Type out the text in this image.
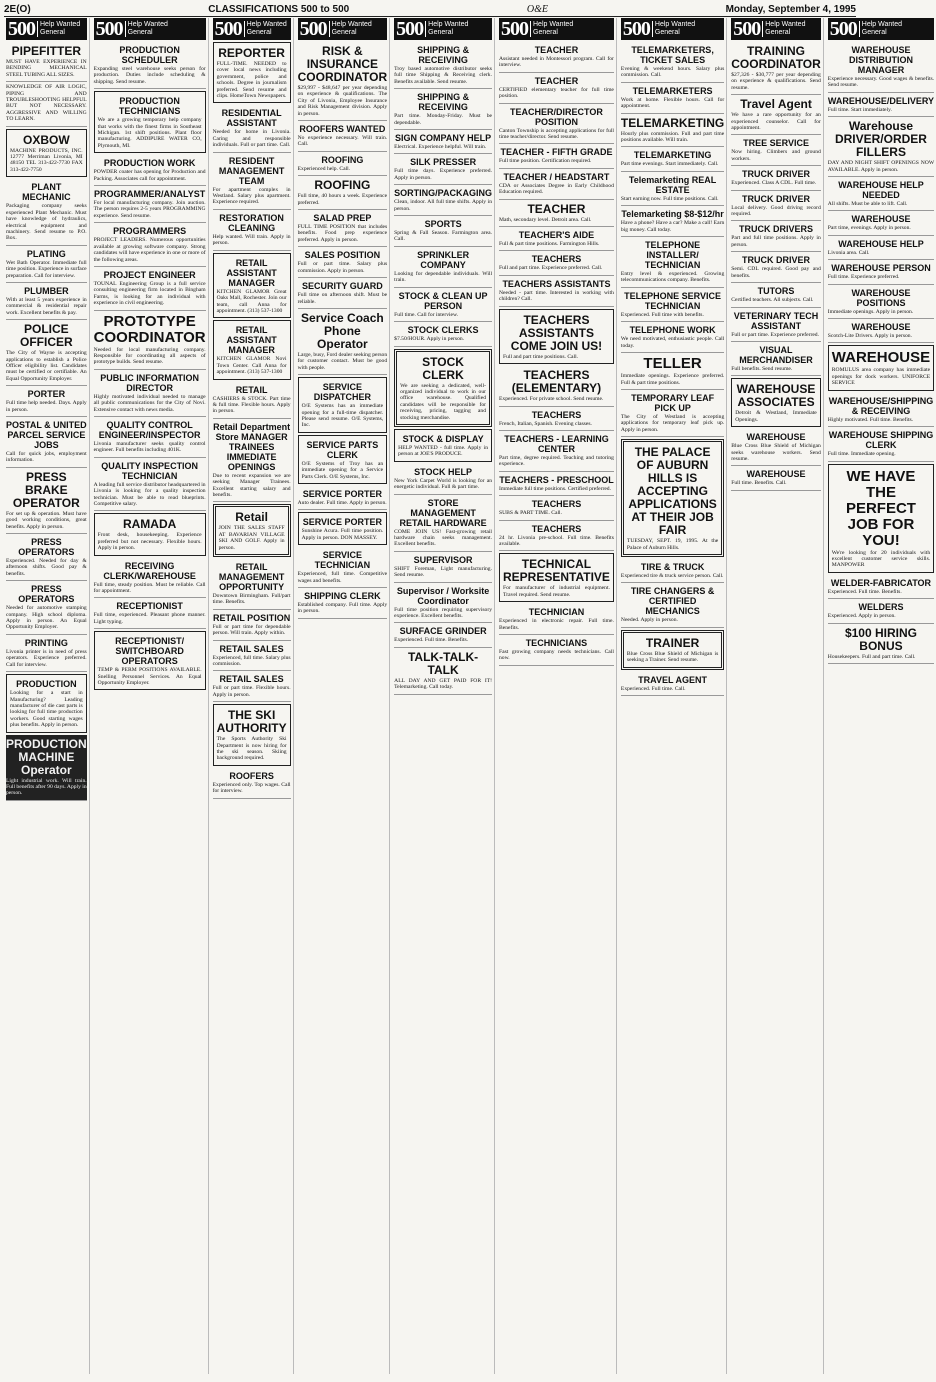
2E(O)	CLASSIFICATIONS 500 to 500	O&E	Monday, September 4, 1995
500 Help Wanted
General
PIPEFITTER
MUST HAVE EXPERIENCE IN BENDING MECHANICAL STEEL TUBING ALL SIZES.
KNOWLEDGE OF AIR LOGIC, PIPING AND TROUBLESHOOTING HELPFUL BUT NOT NECESSARY. AGGRESSIVE AND WILLING TO LEARN.
OXBOW
MACHINE PRODUCTS, INC. 12777 Merriman Livonia, MI 48150 TEL 313-422-7730 FAX 313-422-7750
PLANT MECHANIC
Packaging company seeks experienced Plant Mechanic. Must have knowledge of hydraulics, electrical equipment and machinery. Send resume to P.O. Box.
PLATING
Wet Bath Operator. Immediate full time position. Experience in surface preparation. Call for interview.
PLUMBER
With at least 5 years experience in commercial & residential repair work. Excellent benefits & pay.
POLICE OFFICER
The City of Wayne is accepting applications to establish a Police Officer eligibility list. Candidates must be certified or certifiable. An Equal Opportunity Employer.
PORTER
Full time help needed. Days. Apply in person.
POSTAL & UNITED PARCEL SERVICE JOBS
Call for quick jobs, employment information.
PRESS BRAKE OPERATOR
For set up & operation. Must have good working conditions, great benefits. Apply in person.
PRESS OPERATORS
Experienced. Needed for day & afternoon shifts. Good pay & benefits.
PRESS OPERATORS
Needed for automotive stamping company. High school diploma. Apply in person. An Equal Opportunity Employer.
PRINTING
Livonia printer is in need of press operators. Experience preferred. Call for interview.
PRODUCTION
Looking for a start in Manufacturing? Leading manufacturer of die cast parts is looking for full time production workers. Good starting wages plus benefits. Apply in person.
PRODUCTION MACHINE Operator
Light industrial work. Will train. Full benefits after 90 days. Apply in person.
500 Help Wanted
General
PRODUCTION SCHEDULER
Expanding steel warehouse seeks person for production. Duties include scheduling & shipping. Send resume.
PRODUCTION TECHNICIANS
We are a growing temporary help company that works with the finest firms in Southeast Michigan. 1st shift positions. Plant floor manufacturing. ADDIPURE WATER CO, Plymouth, MI.
PRODUCTION WORK
POWDER coater has opening for Production and Packing. Associates call for appointment.
PROGRAMMER/ANALYST
For local manufacturing company. Join auction. The person requires 2-5 years PROGRAMMING experience. Send resume.
PROGRAMMERS
PROJECT LEADERS. Numerous opportunities available at growing software company. Strong candidates will have experience in one or more of the following areas.
PROJECT ENGINEER
TOUNAL Engineering Group is a full service consulting engineering firm located in Bingham Farms, is looking for an individual with experience in civil engineering.
PROTOTYPE COORDINATOR
Needed for local manufacturing company. Responsible for coordinating all aspects of prototype builds. Send resume.
PUBLIC INFORMATION DIRECTOR
Highly motivated individual needed to manage all public communications for the City of Novi. Extensive contact with news media.
QUALITY CONTROL ENGINEER/INSPECTOR
Livonia manufacturer seeks quality control engineer. Full benefits including 401K.
QUALITY INSPECTION TECHNICIAN
A leading full service distributor headquartered in Livonia is looking for a quality inspection technician. Must be able to read blueprints. Competitive salary.
RAMADA
Front desk, housekeeping. Experience preferred but not necessary. Flexible hours. Apply in person.
RECEIVING CLERK/WAREHOUSE
Full time, steady position. Must be reliable. Call for appointment.
RECEPTIONIST
Full time, experienced. Pleasant phone manner. Light typing.
RECEPTIONIST/ SWITCHBOARD OPERATORS
TEMP & PERM POSITIONS AVAILABLE. Snelling Personnel Services. An Equal Opportunity Employer.
500 Help Wanted
General
REPORTER
FULL-TIME. NEEDED to cover local news including government, police and schools. Degree in journalism preferred. Send resume and clips. HomeTown Newspapers.
RESIDENTIAL ASSISTANT
Needed for home in Livonia. Caring and responsible individuals. Full or part time. Call.
RESIDENT MANAGEMENT TEAM
For apartment complex in Westland. Salary plus apartment. Experience required.
RESTORATION CLEANING
Help wanted. Will train. Apply in person.
RETAIL ASSISTANT MANAGER
KITCHEN GLAMOR Great Oaks Mall, Rochester. Join our team, call Anna for appointment. (313) 537-1300
RETAIL ASSISTANT MANAGER
KITCHEN GLAMOR Novi Town Center. Call Anna for appointment. (313) 537-1300
RETAIL
CASHIERS & STOCK. Part time & full time. Flexible hours. Apply in person.
Retail Department Store MANAGER TRAINEES IMMEDIATE OPENINGS
Due to recent expansion we are seeking Manager Trainees. Excellent starting salary and benefits.
Retail
JOIN THE SALES STAFF AT BAVARIAN VILLAGE SKI AND GOLF. Apply in person.
RETAIL MANAGEMENT OPPORTUNITY
Downtown Birmingham. Full/part time. Benefits.
RETAIL POSITION
Full or part time for dependable person. Will train. Apply within.
RETAIL SALES
Experienced, full time. Salary plus commission.
RETAIL SALES
Full or part time. Flexible hours. Apply in person.
THE SKI AUTHORITY
The Sports Authority Ski Department is now hiring for the ski season. Skiing background required.
ROOFERS
Experienced only. Top wages. Call for interview.
500 Help Wanted
General
RISK & INSURANCE COORDINATOR
$29,997 - $48,647 per year depending on experience & qualifications. The City of Livonia, Employee Insurance and Risk Management division. Apply in person.
ROOFERS WANTED
No experience necessary. Will train. Call.
ROOFING
Experienced help. Call.
ROOFING
Full time, 40 hours a week. Experience preferred.
SALAD PREP
FULL TIME POSITION that includes benefits. Food prep experience preferred. Apply in person.
SALES POSITION
Full or part time. Salary plus commission. Apply in person.
SECURITY GUARD
Full time on afternoon shift. Must be reliable.
Service Coach Phone Operator
Large, busy, Ford dealer seeking person for customer contact. Must be good with people.
SERVICE DISPATCHER
O/E Systems has an immediate opening for a full-time dispatcher. Please send resume. O/E Systems, Inc.
SERVICE PARTS CLERK
O/E Systems of Troy has an immediate opening for a Service Parts Clerk. O/E Systems, Inc.
SERVICE PORTER
Auto dealer. Full time. Apply in person.
SERVICE PORTER
Sunshine Acura. Full time position. Apply in person. DON MASSEY.
SERVICE TECHNICIAN
Experienced, full time. Competitive wages and benefits.
SHIPPING CLERK
Established company. Full time. Apply in person.
500 Help Wanted
General
SHIPPING & RECEIVING
Troy based automotive distributor seeks full time Shipping & Receiving clerk. Benefits available. Send resume.
SHIPPING & RECEIVING
Part time. Monday-Friday. Must be dependable.
SIGN COMPANY HELP
Electrical. Experience helpful. Will train.
SILK PRESSER
Full time days. Experience preferred. Apply in person.
SORTING/PACKAGING
Clean, indoor. All full time shifts. Apply in person.
SPORTS
Spring & Fall Season. Farmington area. Call.
SPRINKLER COMPANY
Looking for dependable individuals. Will train.
STOCK & CLEAN UP PERSON
Full time. Call for interview.
STOCK CLERKS
$7.50/HOUR. Apply in person.
STOCK CLERK
We are seeking a dedicated, well-organized individual to work in our office warehouse. Qualified candidates will be responsible for receiving, pricing, tagging and stocking merchandise.
STOCK & DISPLAY
HELP WANTED - full time. Apply in person at JOE'S PRODUCE.
STOCK HELP
New York Carpet World is looking for an energetic individual. Full & part time.
STORE MANAGEMENT RETAIL HARDWARE
COME JOIN US! Fast-growing retail hardware chain seeks management. Excellent benefits.
SUPERVISOR
SHIFT Foreman, Light manufacturing. Send resume.
Supervisor / Worksite Coordinator
Full time position requiring supervisory experience. Excellent benefits.
SURFACE GRINDER
Experienced. Full time. Benefits.
TALK-TALK-TALK
ALL DAY AND GET PAID FOR IT! Telemarketing. Call today.
500 Help Wanted
General
TEACHER
Assistant needed in Montessori program. Call for interview.
TEACHER
CERTIFIED elementary teacher for full time position.
TEACHER/DIRECTOR POSITION
Canton Township is accepting applications for full time teacher/director. Send resume.
TEACHER - FIFTH GRADE
Full time position. Certification required.
TEACHER / HEADSTART
CDA or Associates Degree in Early Childhood Education required.
TEACHER
Math, secondary level. Detroit area. Call.
TEACHER'S AIDE
Full & part time positions. Farmington Hills.
TEACHERS
Full and part time. Experience preferred. Call.
TEACHERS ASSISTANTS
Needed - part time. Interested in working with children? Call.
TEACHERS ASSISTANTS COME JOIN US!
Full and part time positions. Call.
TEACHERS (ELEMENTARY)
Experienced. For private school. Send resume.
TEACHERS
French, Italian, Spanish. Evening classes.
TEACHERS - LEARNING CENTER
Part time, degree required. Teaching and tutoring experience.
TEACHERS - PRESCHOOL
Immediate full time positions. Certified preferred.
TEACHERS
SUBS & PART TIME. Call.
TEACHERS
24 hr. Livonia pre-school. Full time. Benefits available.
TECHNICAL REPRESENTATIVE
For manufacturer of industrial equipment. Travel required. Send resume.
TECHNICIAN
Experienced in electronic repair. Full time. Benefits.
TECHNICIANS
Fast growing company needs technicians. Call now.
500 Help Wanted
General
TELEMARKETERS, TICKET SALES
Evening & weekend hours. Salary plus commission. Call.
TELEMARKETERS
Work at home. Flexible hours. Call for appointment.
TELEMARKETING
Hourly plus commission. Full and part time positions available. Will train.
TELEMARKETING
Part time evenings. Start immediately. Call.
Telemarketing REAL ESTATE
Start earning now. Full time positions. Call.
Telemarketing $8-$12/hr
Have a phone? Have a car? Make a call! Earn big money. Call today.
TELEPHONE INSTALLER/ TECHNICIAN
Entry level & experienced. Growing telecommunications company. Benefits.
TELEPHONE SERVICE TECHNICIAN
Experienced. Full time with benefits.
TELEPHONE WORK
We need motivated, enthusiastic people. Call today.
TELLER
Immediate openings. Experience preferred. Full & part time positions.
TEMPORARY LEAF PICK UP
The City of Westland is accepting applications for temporary leaf pick up. Apply in person.
THE PALACE OF AUBURN HILLS IS ACCEPTING APPLICATIONS AT THEIR JOB FAIR
TUESDAY, SEPT. 19, 1995. At the Palace of Auburn Hills.
TIRE & TRUCK
Experienced tire & truck service person. Call.
TIRE CHANGERS & CERTIFIED MECHANICS
Needed. Apply in person.
TRAINER
Blue Cross Blue Shield of Michigan is seeking a Trainer. Send resume.
TRAVEL AGENT
Experienced. Full time. Call.
500 Help Wanted
General
TRAINING COORDINATOR
$27,326 - $30,777 per year depending on experience & qualifications. Send resume.
Travel Agent
We have a rare opportunity for an experienced counselor. Call for appointment.
TREE SERVICE
Now hiring. Climbers and ground workers.
TRUCK DRIVER
Experienced. Class A CDL. Full time.
TRUCK DRIVER
Local delivery. Good driving record required.
TRUCK DRIVERS
Part and full time positions. Apply in person.
TRUCK DRIVER
Semi. CDL required. Good pay and benefits.
TUTORS
Certified teachers. All subjects. Call.
VETERINARY TECH ASSISTANT
Full or part time. Experience preferred.
VISUAL MERCHANDISER
Full benefits. Send resume.
WAREHOUSE ASSOCIATES
Detroit & Westland, Immediate Openings.
WAREHOUSE
Blue Cross Blue Shield of Michigan seeks warehouse workers. Send resume.
WAREHOUSE
Full time. Benefits. Call.
500 Help Wanted
General
WAREHOUSE DISTRIBUTION MANAGER
Experience necessary. Good wages & benefits. Send resume.
WAREHOUSE/DELIVERY
Full time. Start immediately.
Warehouse DRIVER/ORDER FILLERS
DAY AND NIGHT SHIFT OPENINGS NOW AVAILABLE. Apply in person.
WAREHOUSE HELP NEEDED
All shifts. Must be able to lift. Call.
WAREHOUSE
Part time, evenings. Apply in person.
WAREHOUSE HELP
Livonia area. Call.
WAREHOUSE PERSON
Full time. Experience preferred.
WAREHOUSE POSITIONS
Immediate openings. Apply in person.
WAREHOUSE
Scotch-Lite Drivers. Apply in person.
WAREHOUSE
ROMULUS area company has immediate openings for dock workers. UNIFORCE SERVICE
WAREHOUSE/SHIPPING & RECEIVING
Highly motivated. Full time. Benefits.
WAREHOUSE SHIPPING CLERK
Full time. Immediate opening.
WE HAVE THE PERFECT JOB FOR YOU!
We're looking for 20 individuals with excellent customer service skills. MANPOWER
WELDER-FABRICATOR
Experienced. Full time. Benefits.
WELDERS
Experienced. Apply in person.
$100 HIRING BONUS
Housekeepers. Full and part time. Call.
